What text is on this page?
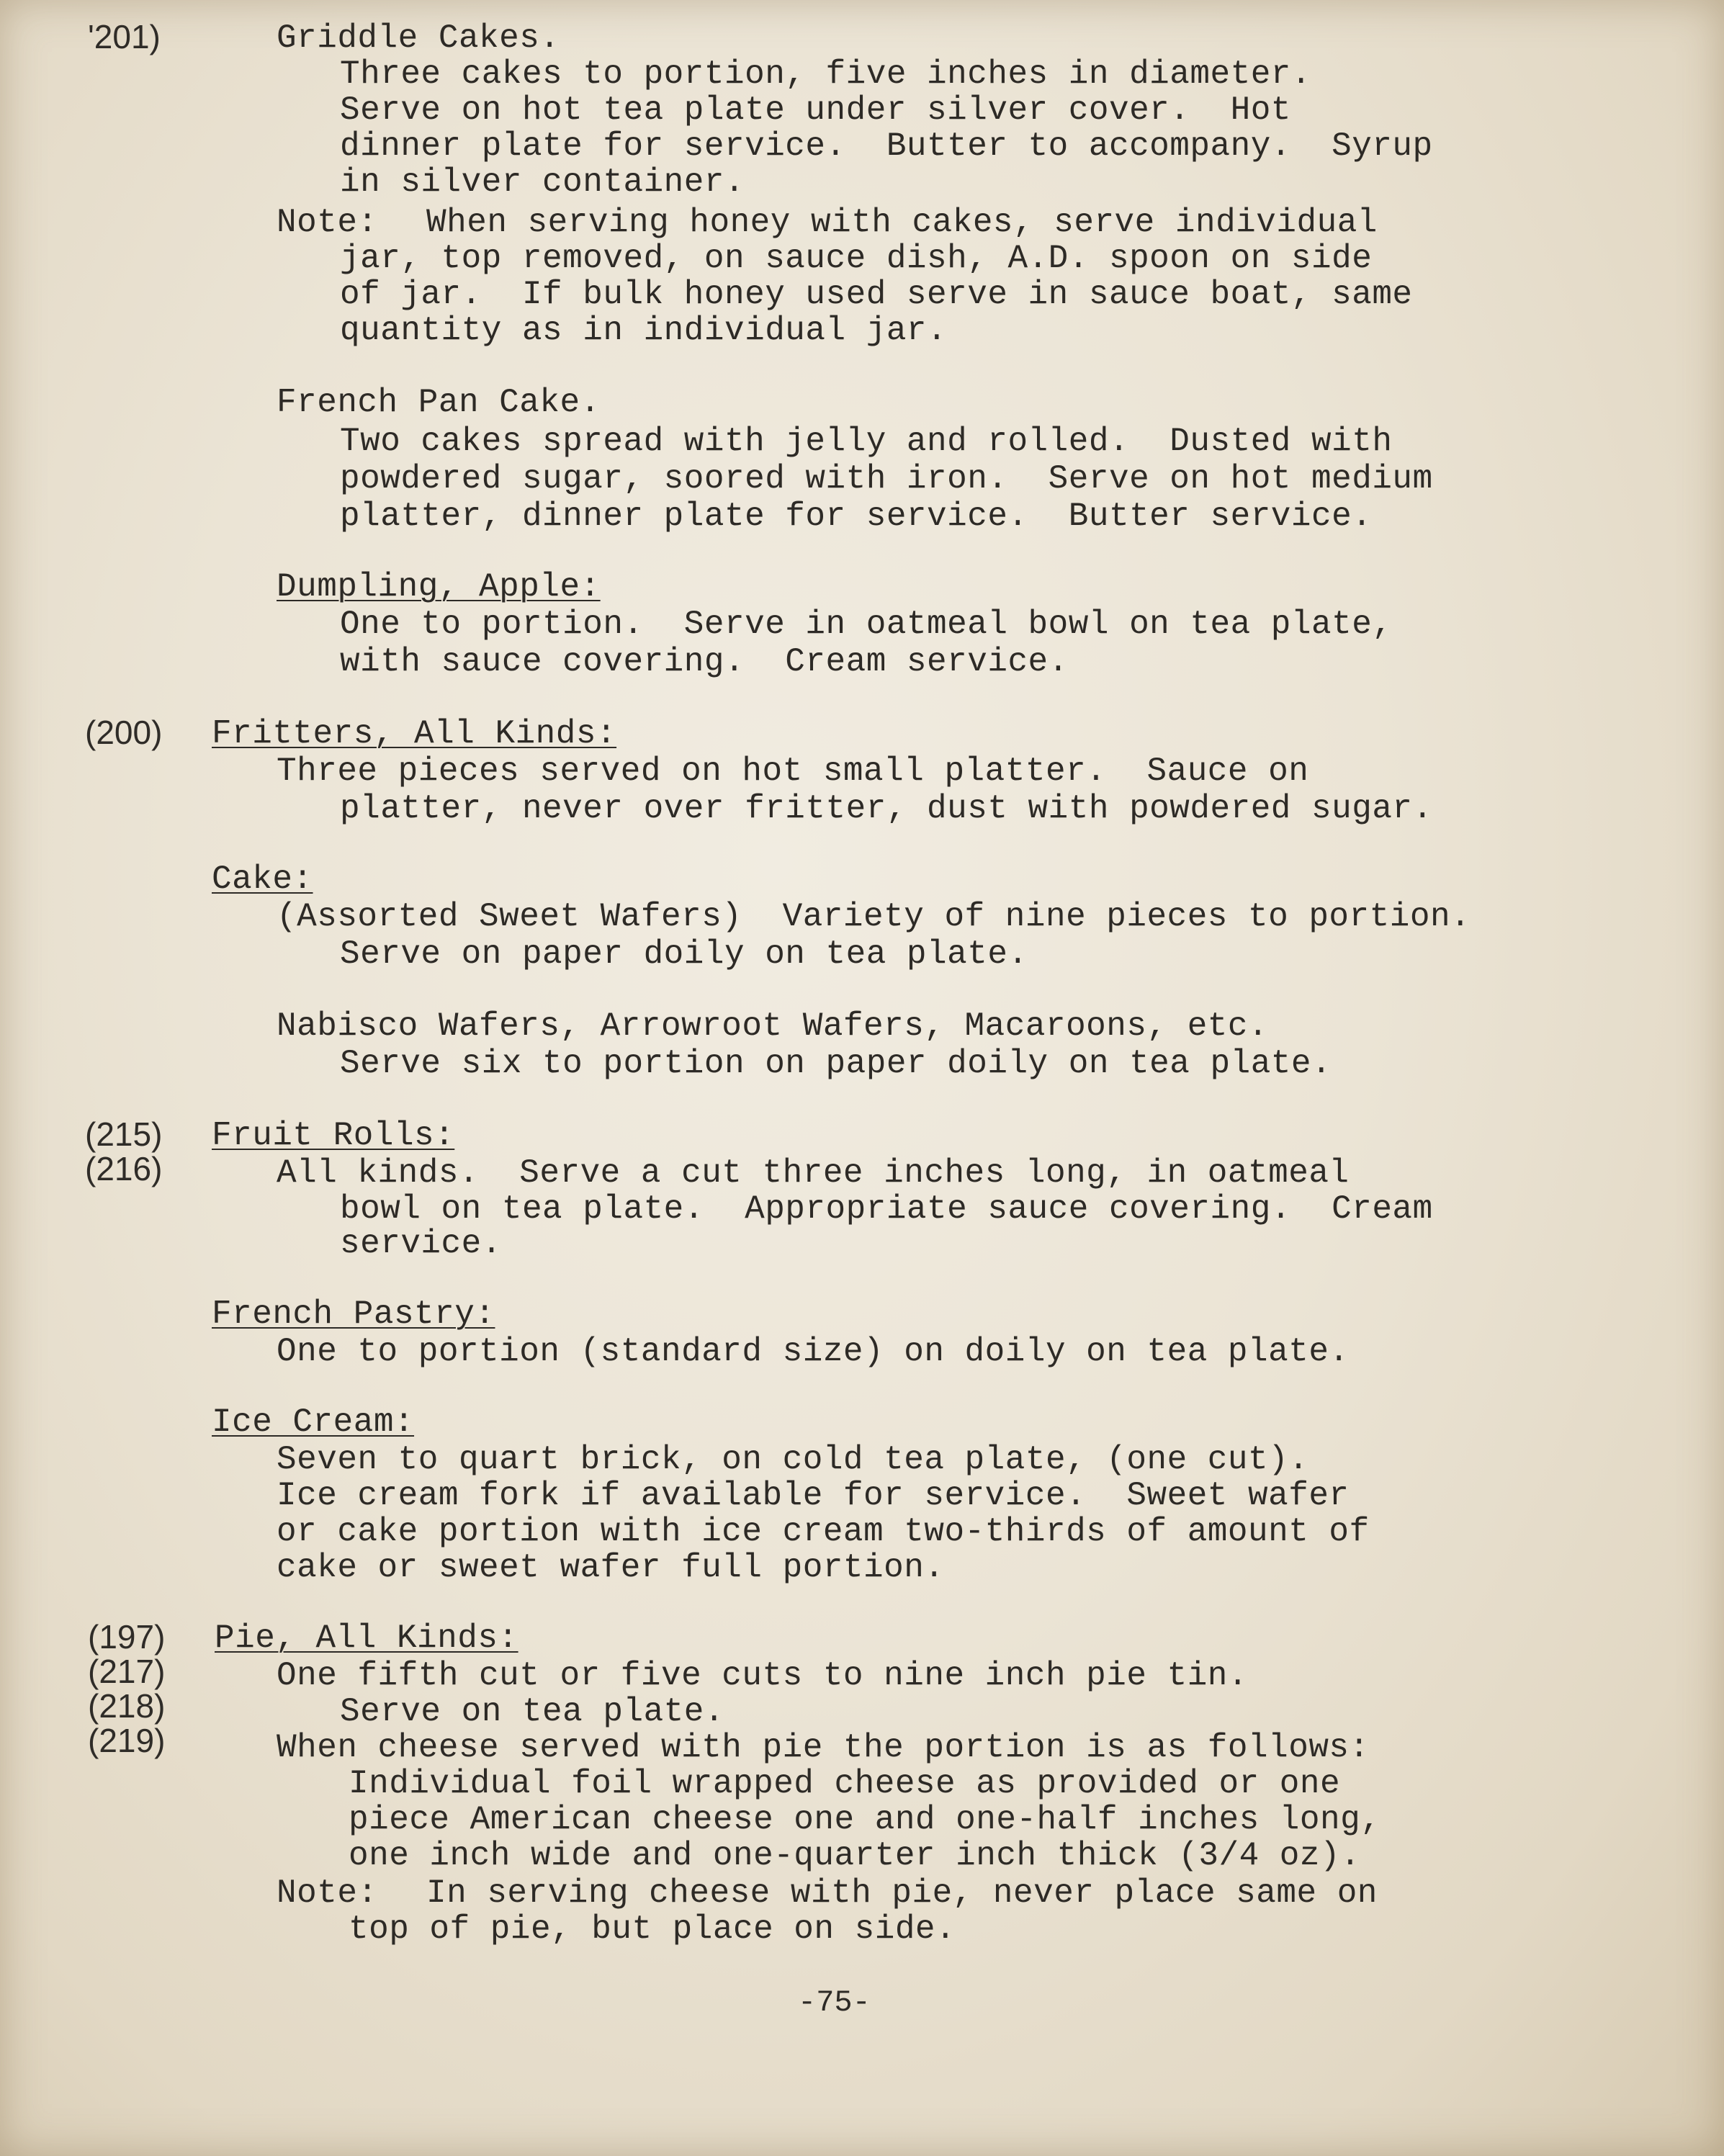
'201)	Griddle Cakes.
Three cakes to portion, five inches in diameter.
Serve on hot tea plate under silver cover.  Hot
dinner plate for service.  Butter to accompany.  Syrup
in silver container.
Note: When serving honey with cakes, serve individual
jar, top removed, on sauce dish, A.D. spoon on side
of jar.  If bulk honey used serve in sauce boat, same
quantity as in individual jar.
French Pan Cake.
Two cakes spread with jelly and rolled.  Dusted with
powdered sugar, soored with iron.  Serve on hot medium
platter, dinner plate for service.  Butter service.
Dumpling, Apple:
One to portion.  Serve in oatmeal bowl on tea plate,
with sauce covering.  Cream service.
(200) Fritters, All Kinds:
Three pieces served on hot small platter.  Sauce on
platter, never over fritter, dust with powdered sugar.
Cake:
(Assorted Sweet Wafers)  Variety of nine pieces to portion.
Serve on paper doily on tea plate.
Nabisco Wafers, Arrowroot Wafers, Macaroons, etc.
Serve six to portion on paper doily on tea plate.
(215)
(216)
Fruit Rolls:
All kinds.  Serve a cut three inches long, in oatmeal
bowl on tea plate.  Appropriate sauce covering.  Cream
service.
French Pastry:
One to portion (standard size) on doily on tea plate.
Ice Cream:
Seven to quart brick, on cold tea plate, (one cut).
Ice cream fork if available for service.  Sweet wafer
or cake portion with ice cream two-thirds of amount of
cake or sweet wafer full portion.
(197)
(217)
(218)
(219)
Pie, All Kinds:
One fifth cut or five cuts to nine inch pie tin.
Serve on tea plate.
When cheese served with pie the portion is as follows:
Individual foil wrapped cheese as provided or one
piece American cheese one and one-half inches long,
one inch wide and one-quarter inch thick (3/4 oz).
Note: In serving cheese with pie, never place same on
top of pie, but place on side.
-75-
